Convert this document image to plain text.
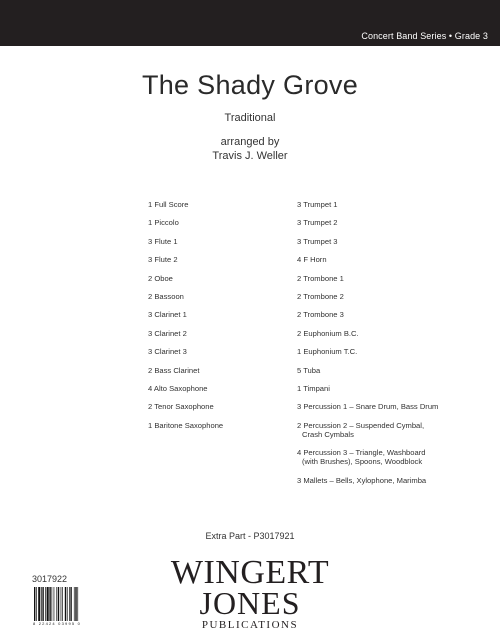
Concert Band Series • Grade 3
The Shady Grove
Traditional
arranged by
Travis J. Weller
1 Full Score
1 Piccolo
3 Flute 1
3 Flute 2
2 Oboe
2 Bassoon
3 Clarinet 1
3 Clarinet 2
3 Clarinet 3
2 Bass Clarinet
4 Alto Saxophone
2 Tenor Saxophone
1 Baritone Saxophone
3 Trumpet 1
3 Trumpet 2
3 Trumpet 3
4 F Horn
2 Trombone 1
2 Trombone 2
2 Trombone 3
2 Euphonium B.C.
1 Euphonium T.C.
5 Tuba
1 Timpani
3 Percussion 1 – Snare Drum, Bass Drum
2 Percussion 2 – Suspended Cymbal,
Crash Cymbals
4 Percussion 3 – Triangle, Washboard
(with Brushes), Spoons, Woodblock
3 Mallets – Bells, Xylophone, Marimba
Extra Part - P3017921
3017922
8 22424 03995 0
WINGERT
JONES
PUBLICATIONS
